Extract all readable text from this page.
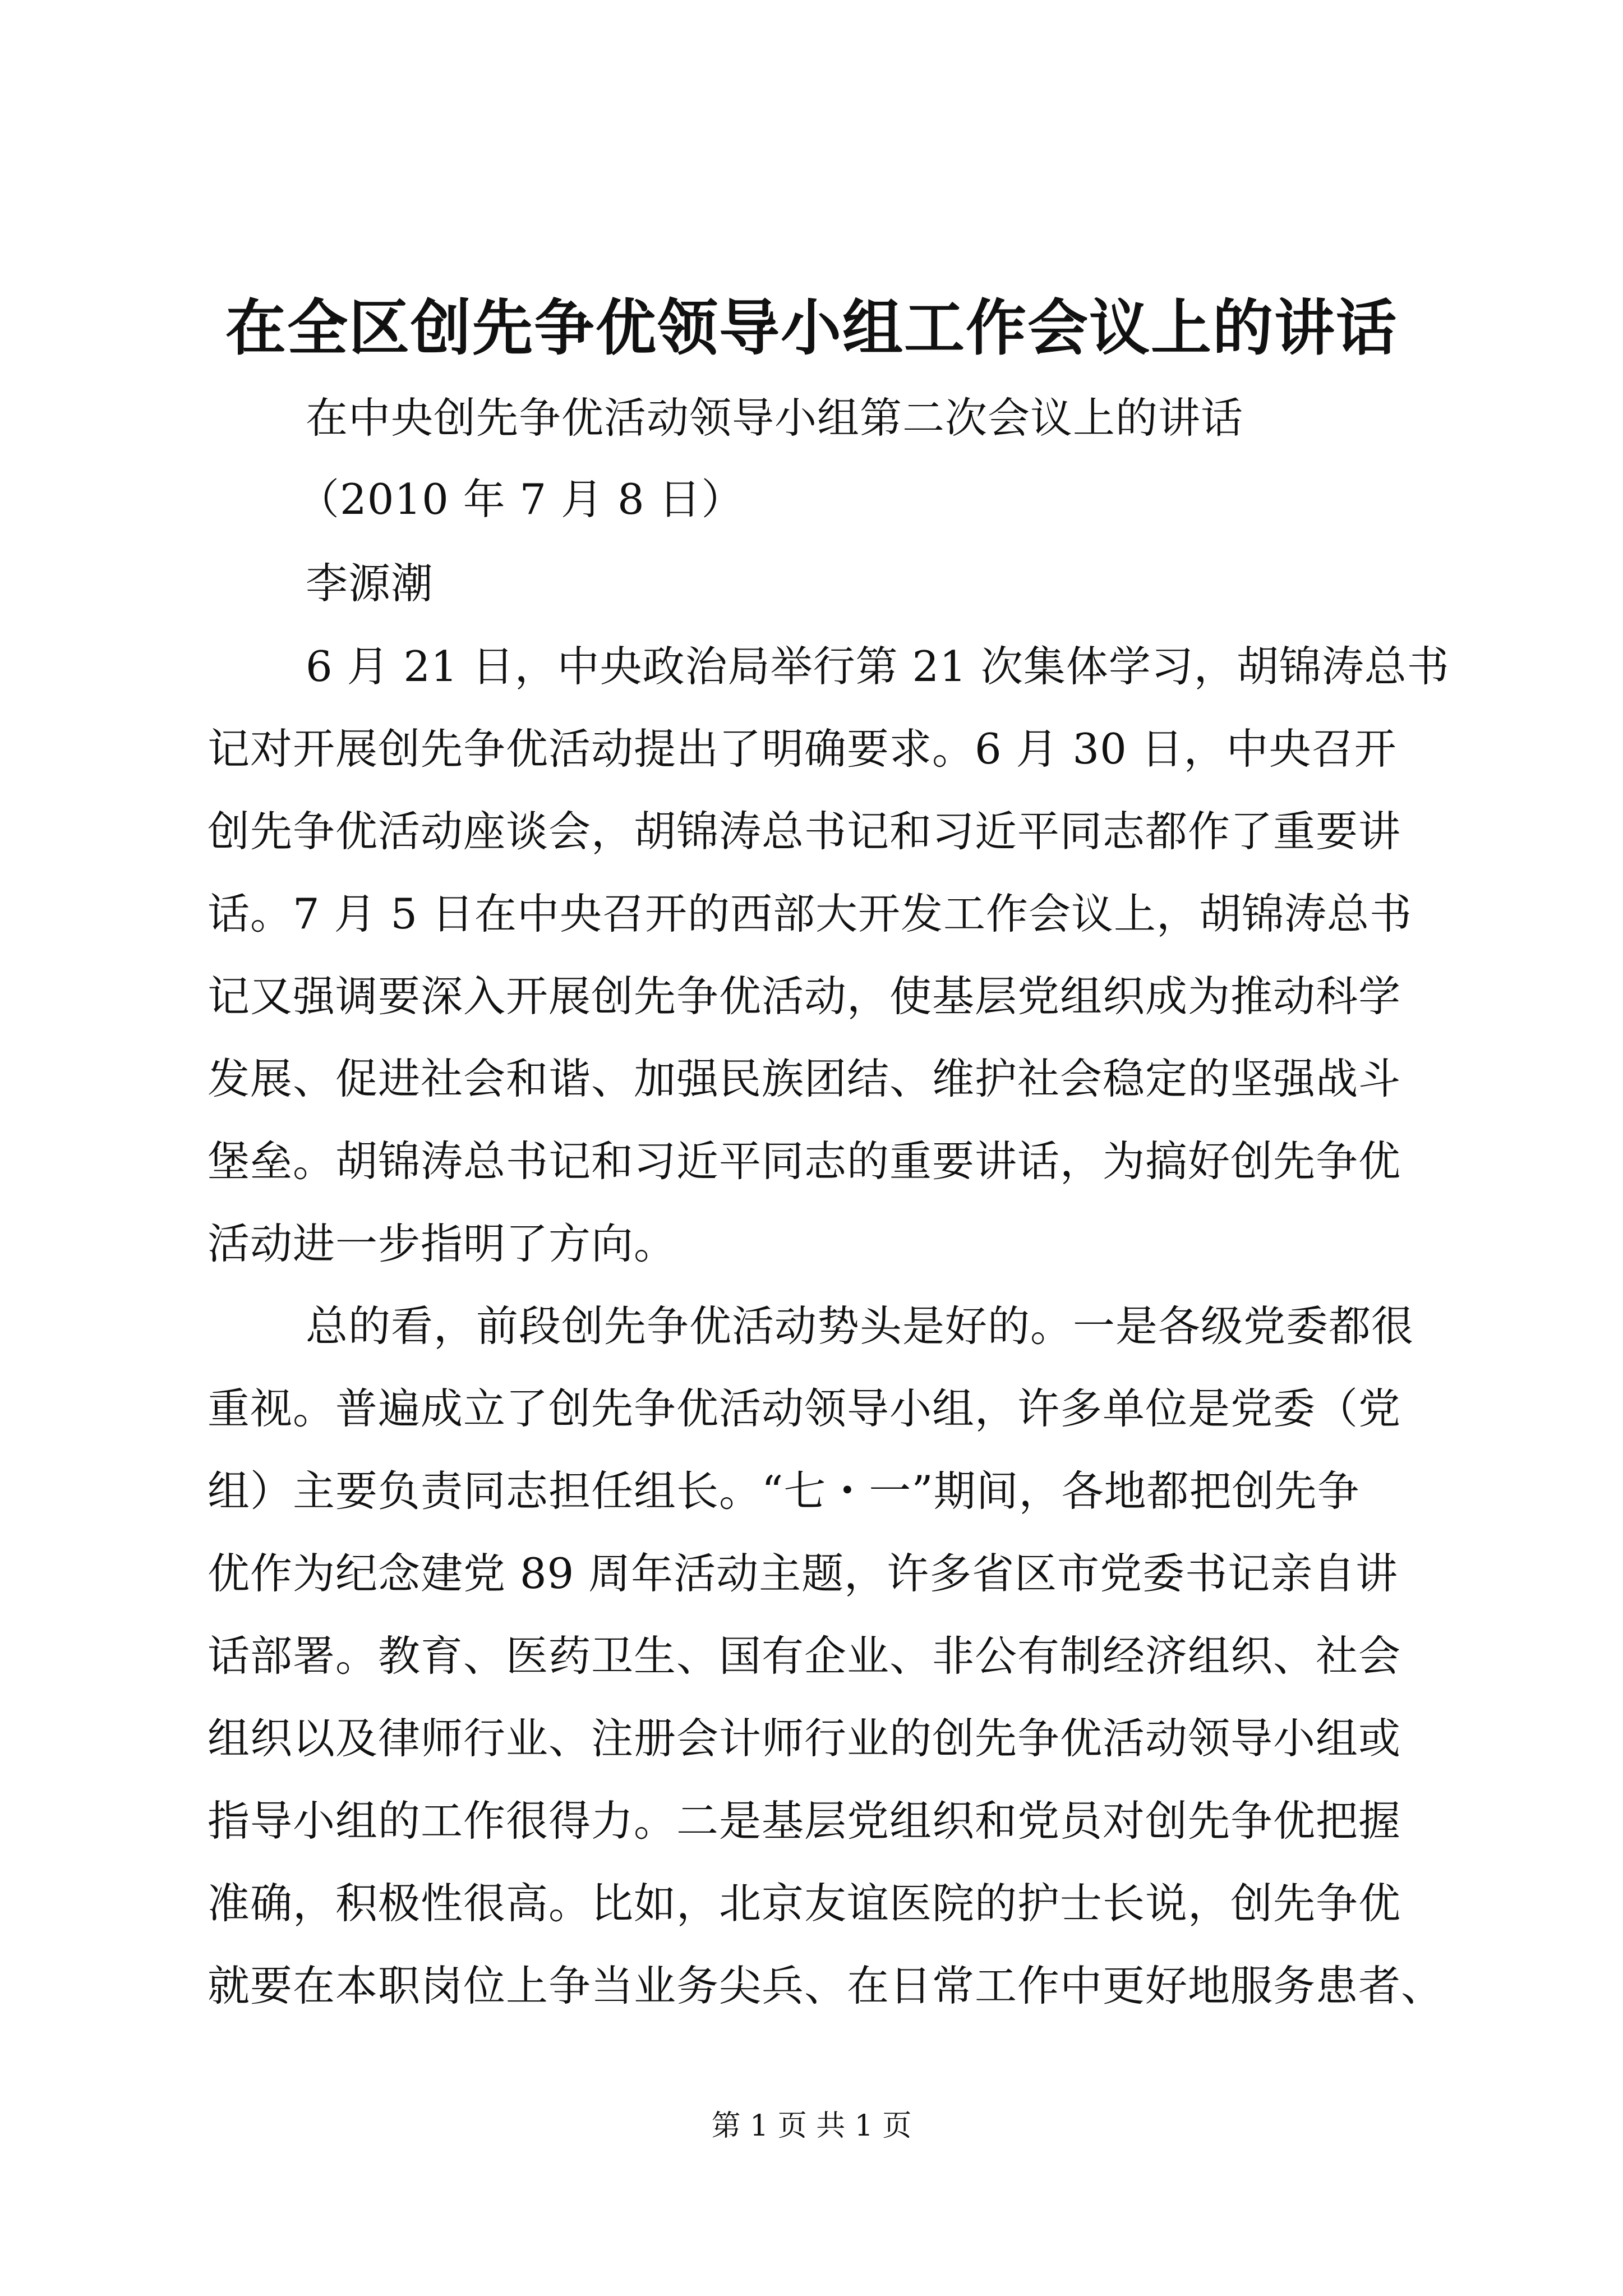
在全区创先争优领导小组工作会议上的讲话

在中央创先争优活动领导小组第二次会议上的讲话

（2010 年 7 月 8 日）

李源潮

6 月 21 日，中央政治局举行第 21 次集体学习，胡锦涛总书

记对开展创先争优活动提出了明确要求。6 月 30 日，中央召开

创先争优活动座谈会，胡锦涛总书记和习近平同志都作了重要讲

话。7 月 5 日在中央召开的西部大开发工作会议上，胡锦涛总书

记又强调要深入开展创先争优活动，使基层党组织成为推动科学

发展、促进社会和谐、加强民族团结、维护社会稳定的坚强战斗

堡垒。胡锦涛总书记和习近平同志的重要讲话，为搞好创先争优

活动进一步指明了方向。

总的看，前段创先争优活动势头是好的。一是各级党委都很

重视。普遍成立了创先争优活动领导小组，许多单位是党委（党

组）主要负责同志担任组长。“七・一”期间，各地都把创先争

优作为纪念建党 89 周年活动主题，许多省区市党委书记亲自讲

话部署。教育、医药卫生、国有企业、非公有制经济组织、社会

组织以及律师行业、注册会计师行业的创先争优活动领导小组或

指导小组的工作很得力。二是基层党组织和党员对创先争优把握

准确，积极性很高。比如，北京友谊医院的护士长说，创先争优

就要在本职岗位上争当业务尖兵、在日常工作中更好地服务患者、

第 1 页 共 1 页
